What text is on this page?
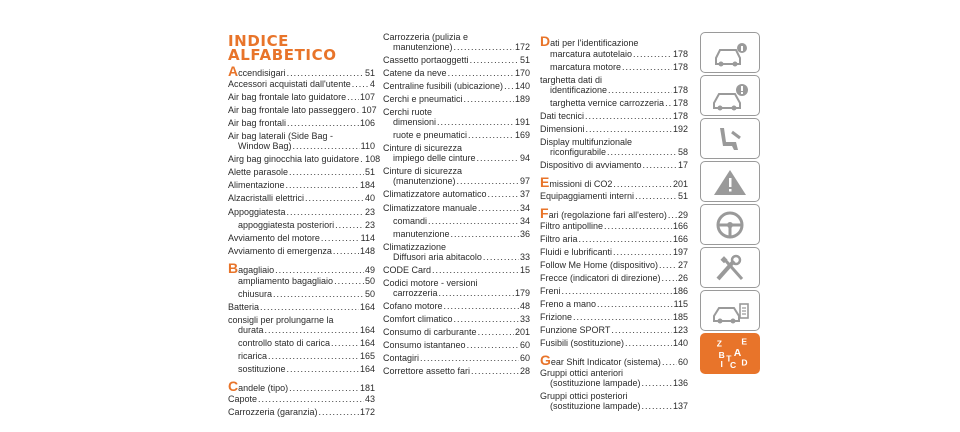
INDICE
ALFABETICO
Accendisigari .....	51
Accessori acquistati dall'utente ..... 4
Air bag frontale lato guidatore ..... 107
Air bag frontale lato passeggero ..... 107
Air bag frontali .....	106
Air bag laterali (Side Bag -
Window Bag) .....	110
Airg bag ginocchia lato guidatore ..... 108
Alette parasole .....	51
Alimentazione .....	184
Alzacristalli elettrici .....	40
Appoggiatesta .....	23
appoggiatesta posteriori .....	23
Avviamento del motore .....	114
Avviamento di emergenza .....	148
Bagagliaio .....	49
ampliamento bagagliaio .....	50
chiusura .....	50
Batteria .....	164
consigli per prolungarne la
durata .....	164
controllo stato di carica .....	164
ricarica .....	165
sostituzione .....	164
Candele (tipo) .....	181
Capote .....	43
Carrozzeria (garanzia) .....	172
Carrozzeria (pulizia e
manutenzione) .....	172
Cassetto portaoggetti .....	51
Catene da neve .....	170
Centraline fusibili (ubicazione) ..... 140
Cerchi e pneumatici .....	189
Cerchi ruote
dimensioni .....	191
ruote e pneumatici .....	169
Cinture di sicurezza
impiego delle cinture .....	94
Cinture di sicurezza
(manutenzione) .....	97
Climatizzatore automatico .....	37
Climatizzatore manuale .....	34
comandi .....	34
manutenzione .....	36
Climatizzazione
Diffusori aria abitacolo .....	33
CODE Card .....	15
Codici motore - versioni
carrozzeria .....	179
Cofano motore .....	48
Comfort climatico .....	33
Consumo di carburante .....	201
Consumo istantaneo .....	60
Contagiri .....	60
Correttore assetto fari .....	28
Dati per l'identificazione
marcatura autotelaio .....	178
marcatura motore .....	178
targhetta dati di
identificazione .....	178
targhetta vernice carrozzeria ..... 178
Dati tecnici .....	178
Dimensioni .....	192
Display multifunzionale
riconfigurabile .....	58
Dispositivo di avviamento .....	17
Emissioni di CO2 .....	201
Equipaggiamenti interni .....	51
Fari (regolazione fari all'estero) ..... 29
Filtro antipolline .....	166
Filtro aria .....	166
Fluidi e lubrificanti .....	197
Follow Me Home (dispositivo) ..... 27
Frecce (indicatori di direzione) ..... 26
Freni .....	186
Freno a mano .....	115
Frizione .....	185
Funzione SPORT .....	123
Fusibili (sostituzione) .....	140
Gear Shift Indicator (sistema) ..... 60
Gruppi ottici anteriori
(sostituzione lampade) .....	136
Gruppi ottici posteriori
(sostituzione lampade) .....	137
Z E
B A
I C
T D
